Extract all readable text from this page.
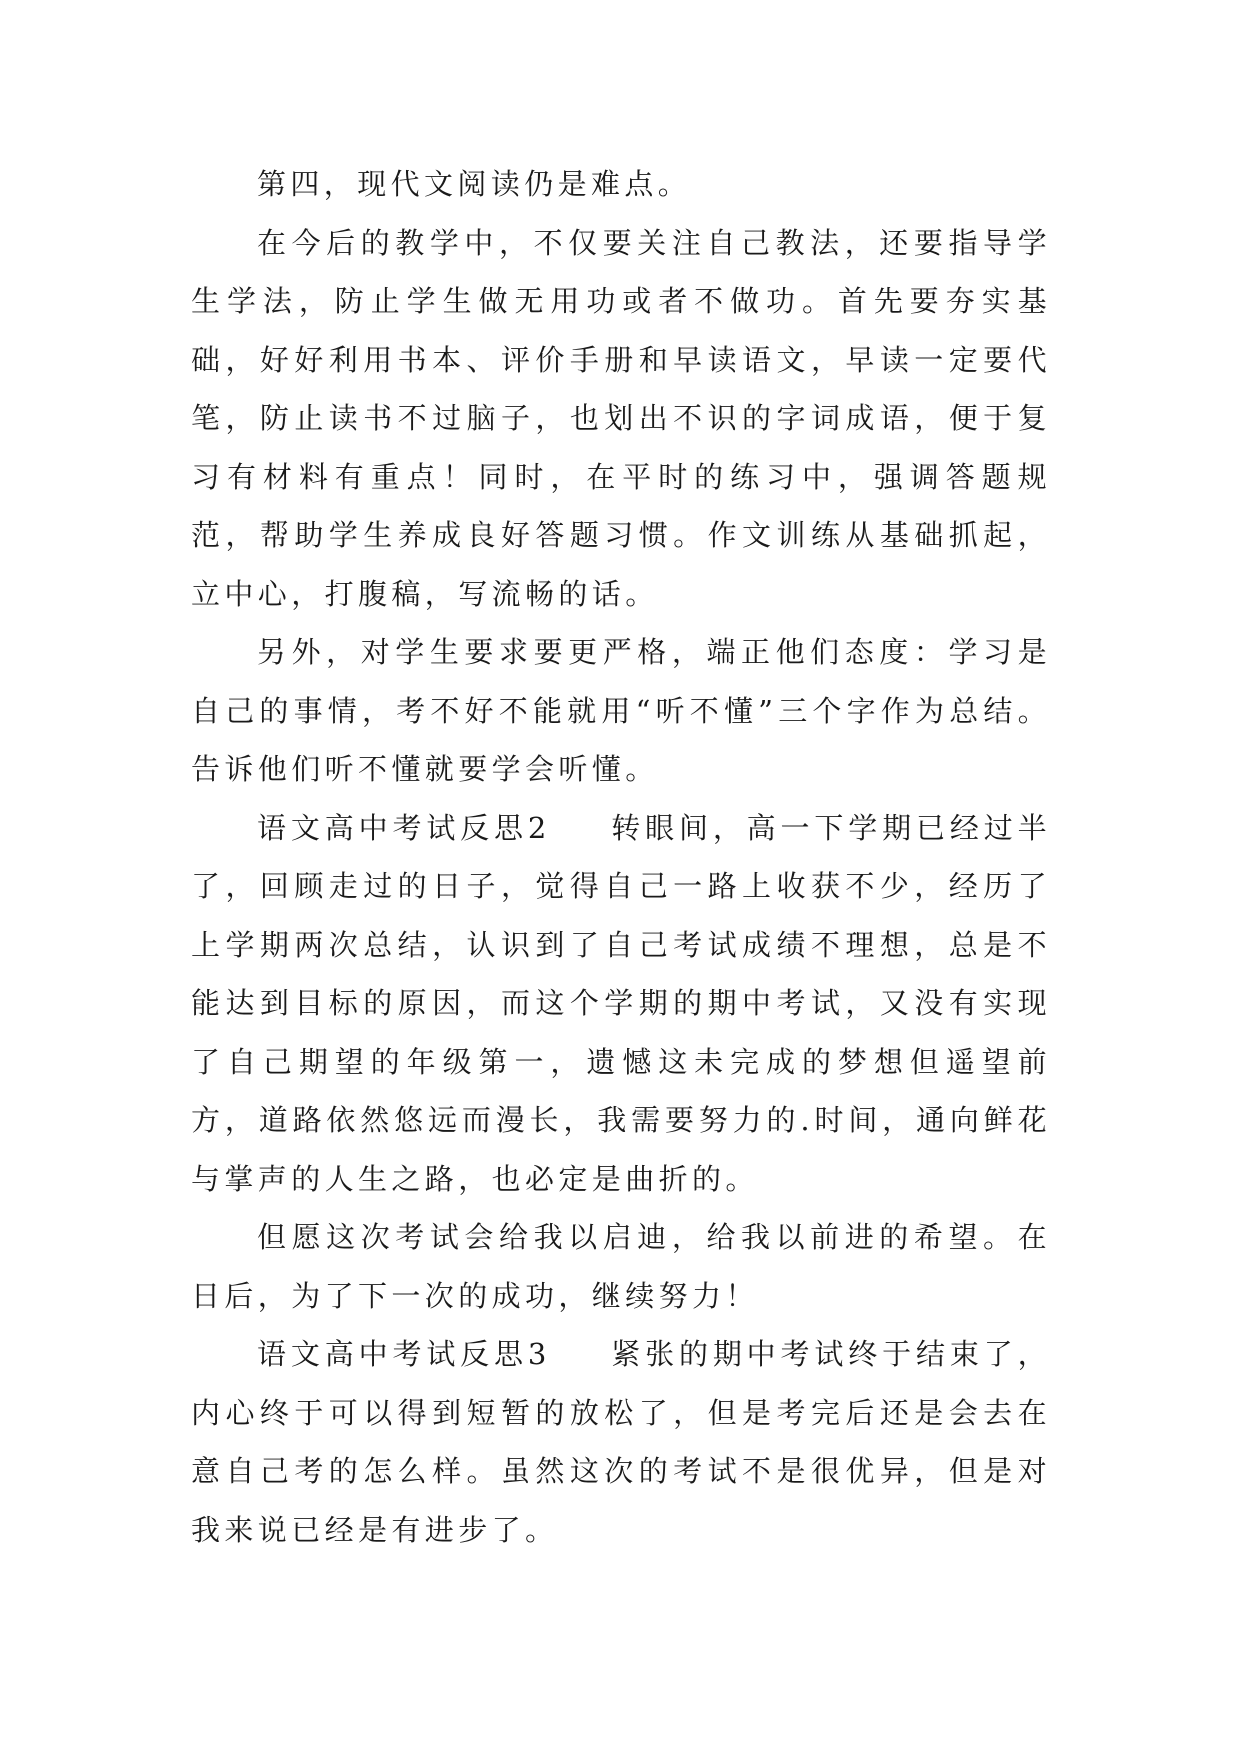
第四，现代文阅读仍是难点。

在今后的教学中，不仅要关注自己教法，还要指导学生学法，防止学生做无用功或者不做功。首先要夯实基础，好好利用书本、评价手册和早读语文，早读一定要代笔，防止读书不过脑子，也划出不识的字词成语，便于复习有材料有重点！同时，在平时的练习中，强调答题规范，帮助学生养成良好答题习惯。作文训练从基础抓起，立中心，打腹稿，写流畅的话。

另外，对学生要求要更严格，端正他们态度：学习是自己的事情，考不好不能就用“听不懂”三个字作为总结。告诉他们听不懂就要学会听懂。

语文高中考试反思2 转眼间，高一下学期已经过半了，回顾走过的日子，觉得自己一路上收获不少，经历了上学期两次总结，认识到了自己考试成绩不理想，总是不能达到目标的原因，而这个学期的期中考试，又没有实现了自己期望的年级第一，遗憾这未完成的梦想但遥望前方，道路依然悠远而漫长，我需要努力的.时间，通向鲜花与掌声的人生之路，也必定是曲折的。

但愿这次考试会给我以启迪，给我以前进的希望。在日后，为了下一次的成功，继续努力！

语文高中考试反思3 紧张的期中考试终于结束了，内心终于可以得到短暂的放松了，但是考完后还是会去在意自己考的怎么样。虽然这次的考试不是很优异，但是对我来说已经是有进步了。
